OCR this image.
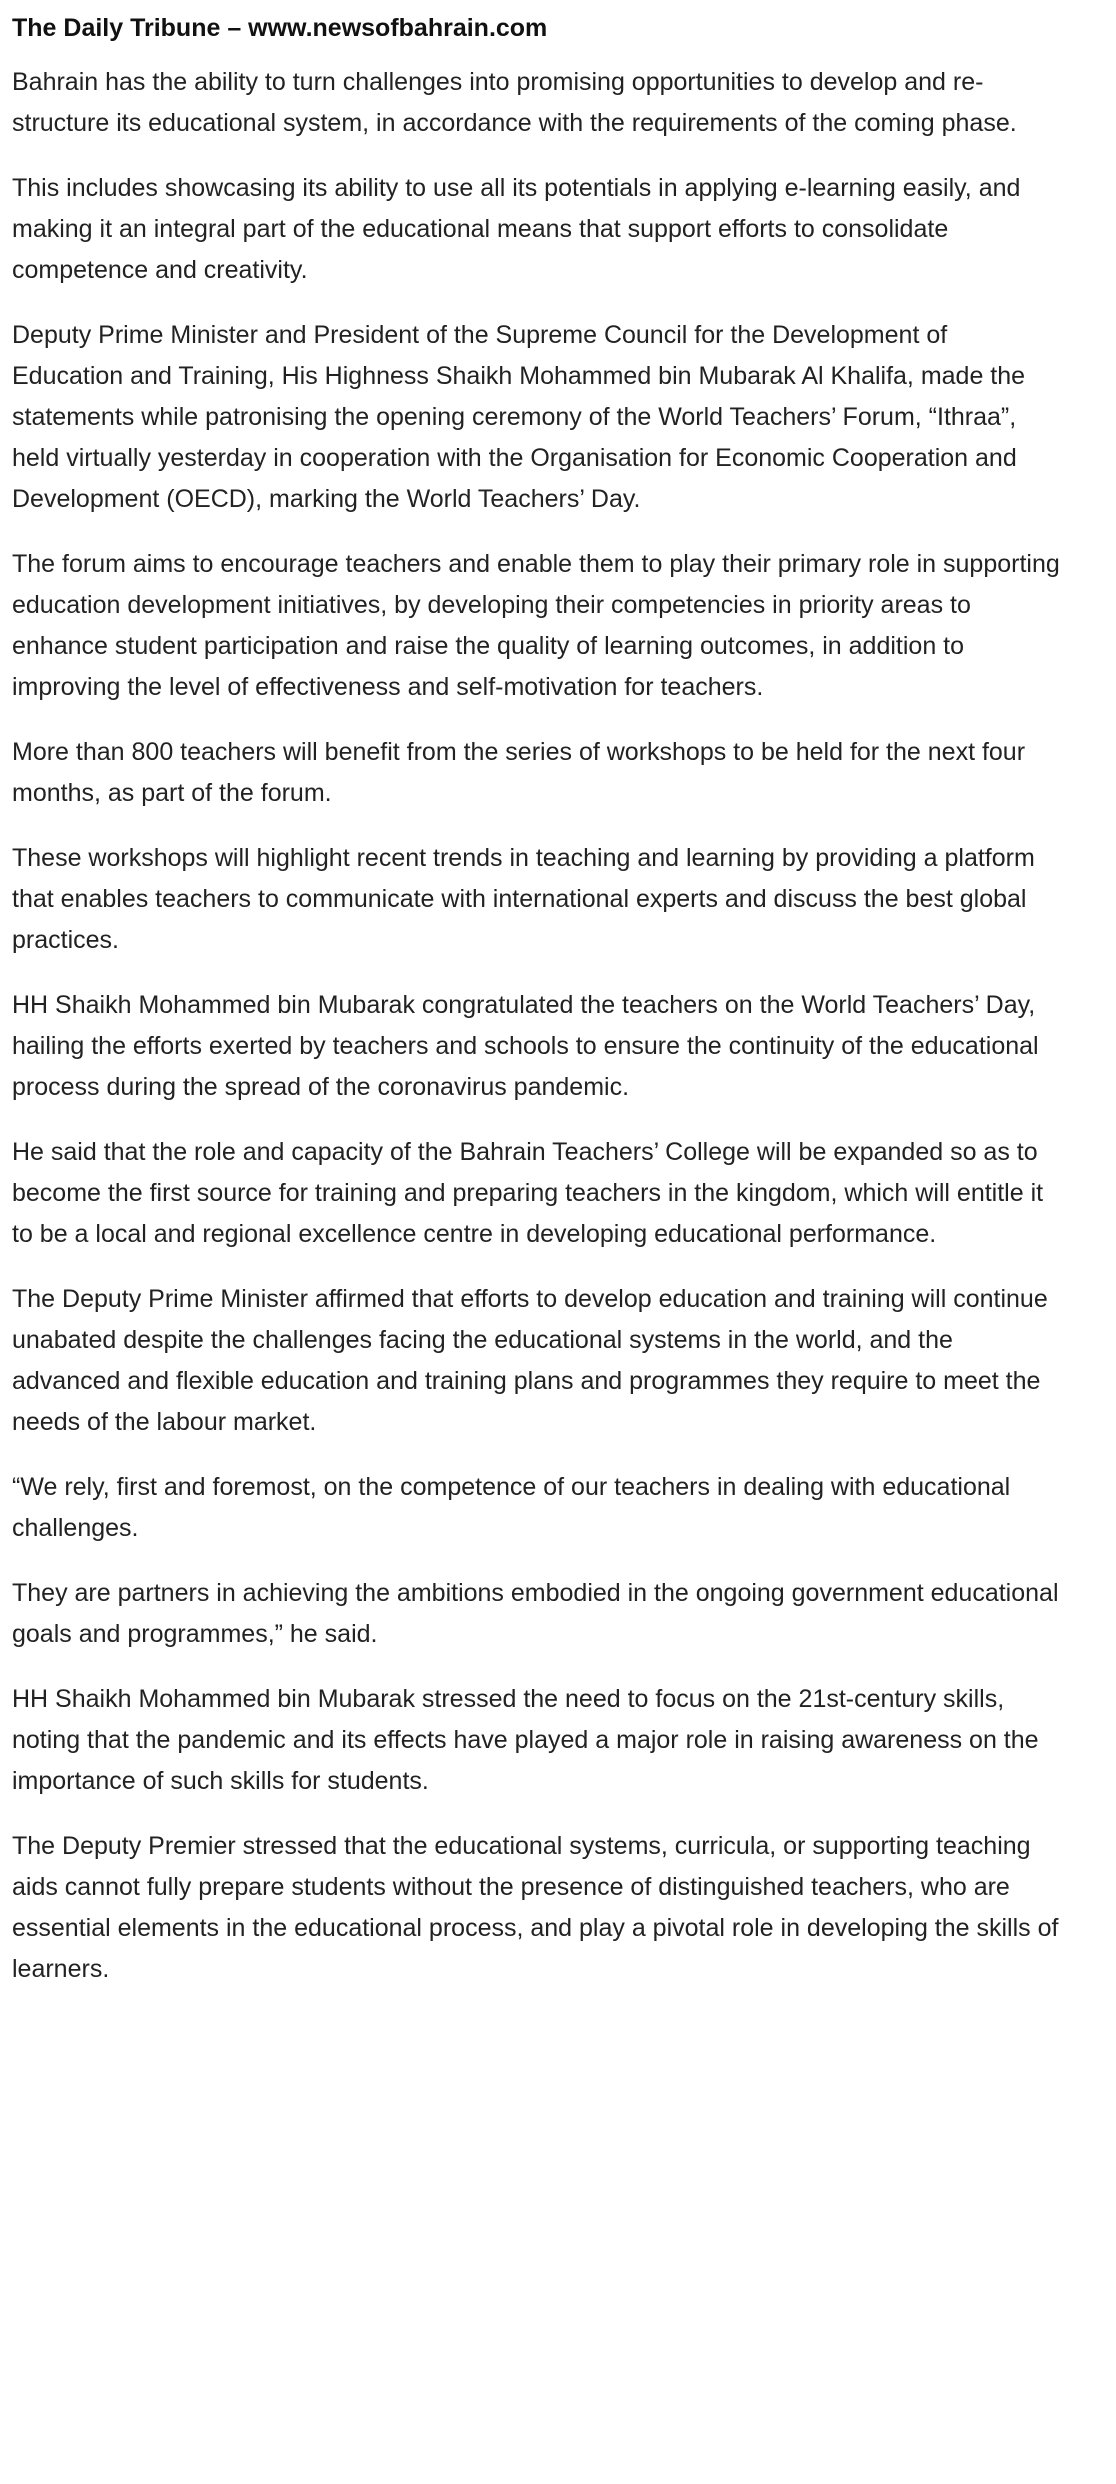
The Daily Tribune – www.newsofbahrain.com

Bahrain has the ability to turn challenges into promising opportunities to develop and re-structure its educational system, in accordance with the requirements of the coming phase.

This includes showcasing its ability to use all its potentials in applying e-learning easily, and making it an integral part of the educational means that support efforts to consolidate competence and creativity.

Deputy Prime Minister and President of the Supreme Council for the Development of Education and Training, His Highness Shaikh Mohammed bin Mubarak Al Khalifa, made the statements while patronising the opening ceremony of the World Teachers’ Forum, “Ithraa”, held virtually yesterday in cooperation with the Organisation for Economic Cooperation and Development (OECD), marking the World Teachers’ Day.

The forum aims to encourage teachers and enable them to play their primary role in supporting education development initiatives, by developing their competencies in priority areas to enhance student participation and raise the quality of learning outcomes, in addition to improving the level of effectiveness and self-motivation for teachers.

More than 800 teachers will benefit from the series of workshops to be held for the next four months, as part of the forum.

These workshops will highlight recent trends in teaching and learning by providing a platform that enables teachers to communicate with international experts and discuss the best global practices.

HH Shaikh Mohammed bin Mubarak congratulated the teachers on the World Teachers’ Day, hailing the efforts exerted by teachers and schools to ensure the continuity of the educational process during the spread of the coronavirus pandemic.

He said that the role and capacity of the Bahrain Teachers’ College will be expanded so as to become the first source for training and preparing teachers in the kingdom, which will entitle it to be a local and regional excellence centre in developing educational performance.

The Deputy Prime Minister affirmed that efforts to develop education and training will continue unabated despite the challenges facing the educational systems in the world, and the advanced and flexible education and training plans and programmes they require to meet the needs of the labour market.

“We rely, first and foremost, on the competence of our teachers in dealing with educational challenges.

They are partners in achieving the ambitions embodied in the ongoing government educational goals and programmes,” he said.

HH Shaikh Mohammed bin Mubarak stressed the need to focus on the 21st-century skills, noting that the pandemic and its effects have played a major role in raising awareness on the importance of such skills for students.

The Deputy Premier stressed that the educational systems, curricula, or supporting teaching aids cannot fully prepare students without the presence of distinguished teachers, who are essential elements in the educational process, and play a pivotal role in developing the skills of learners.
